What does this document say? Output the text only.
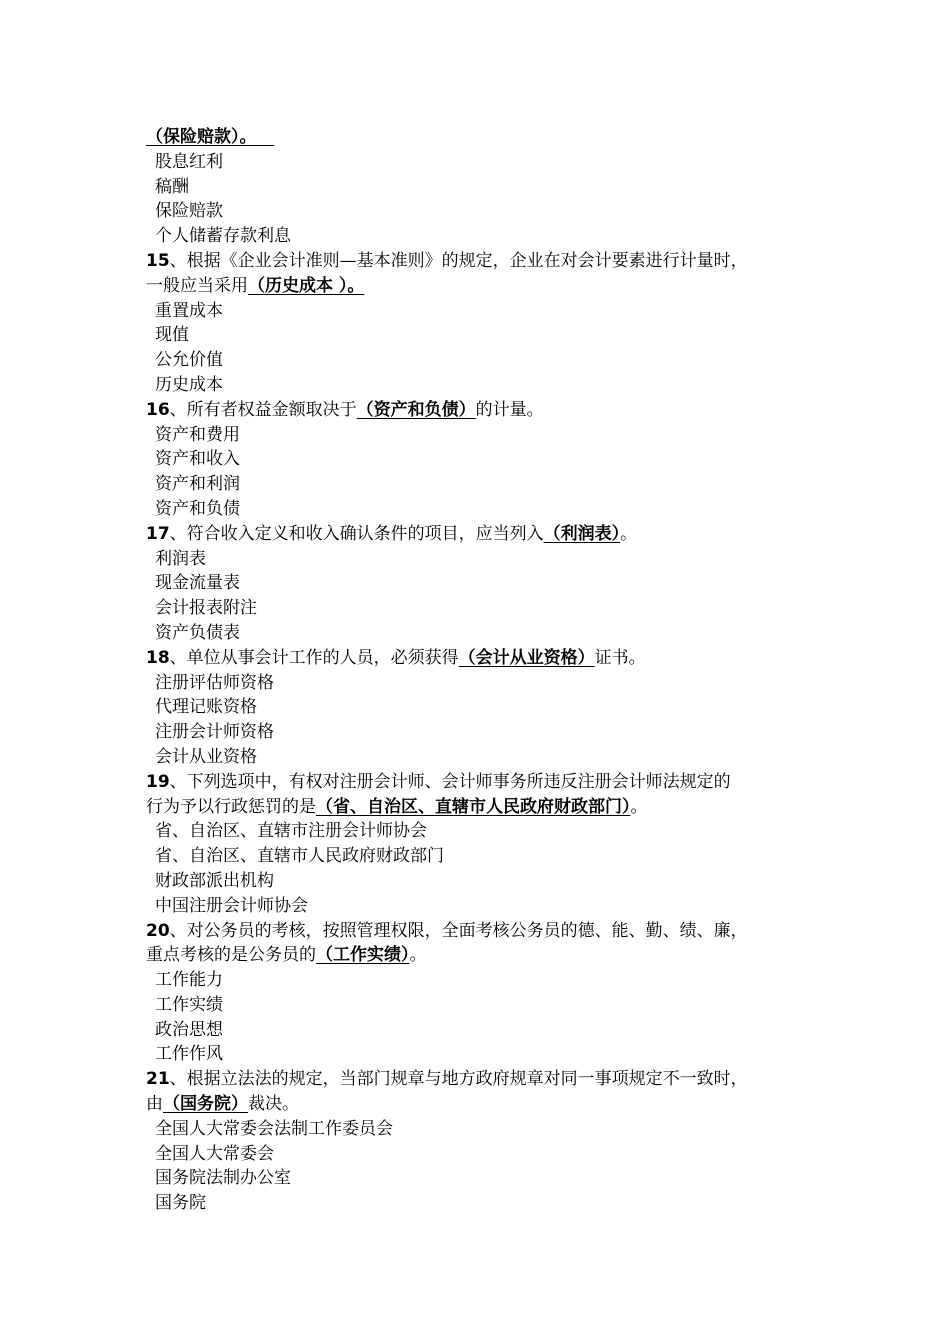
（保险赔款）。
股息红利
稿酬
保险赔款
个人储蓄存款利息
15、根据《企业会计准则—基本准则》的规定，企业在对会计要素进行计量时，
一般应当采用（历史成本 ）。
重置成本
现值
公允价值
历史成本
16、所有者权益金额取决于（资产和负债）的计量。
资产和费用
资产和收入
资产和利润
资产和负债
17、符合收入定义和收入确认条件的项目，应当列入（利润表）。
利润表
现金流量表
会计报表附注
资产负债表
18、单位从事会计工作的人员，必须获得（会计从业资格）证书。
注册评估师资格
代理记账资格
注册会计师资格
会计从业资格
19、下列选项中，有权对注册会计师、会计师事务所违反注册会计师法规定的
行为予以行政惩罚的是（省、自治区、直辖市人民政府财政部门）。
省、自治区、直辖市注册会计师协会
省、自治区、直辖市人民政府财政部门
财政部派出机构
中国注册会计师协会
20、对公务员的考核，按照管理权限，全面考核公务员的德、能、勤、绩、廉，
重点考核的是公务员的（工作实绩）。
工作能力
工作实绩
政治思想
工作作风
21、根据立法法的规定，当部门规章与地方政府规章对同一事项规定不一致时，
由（国务院）裁决。
全国人大常委会法制工作委员会
全国人大常委会
国务院法制办公室
国务院
